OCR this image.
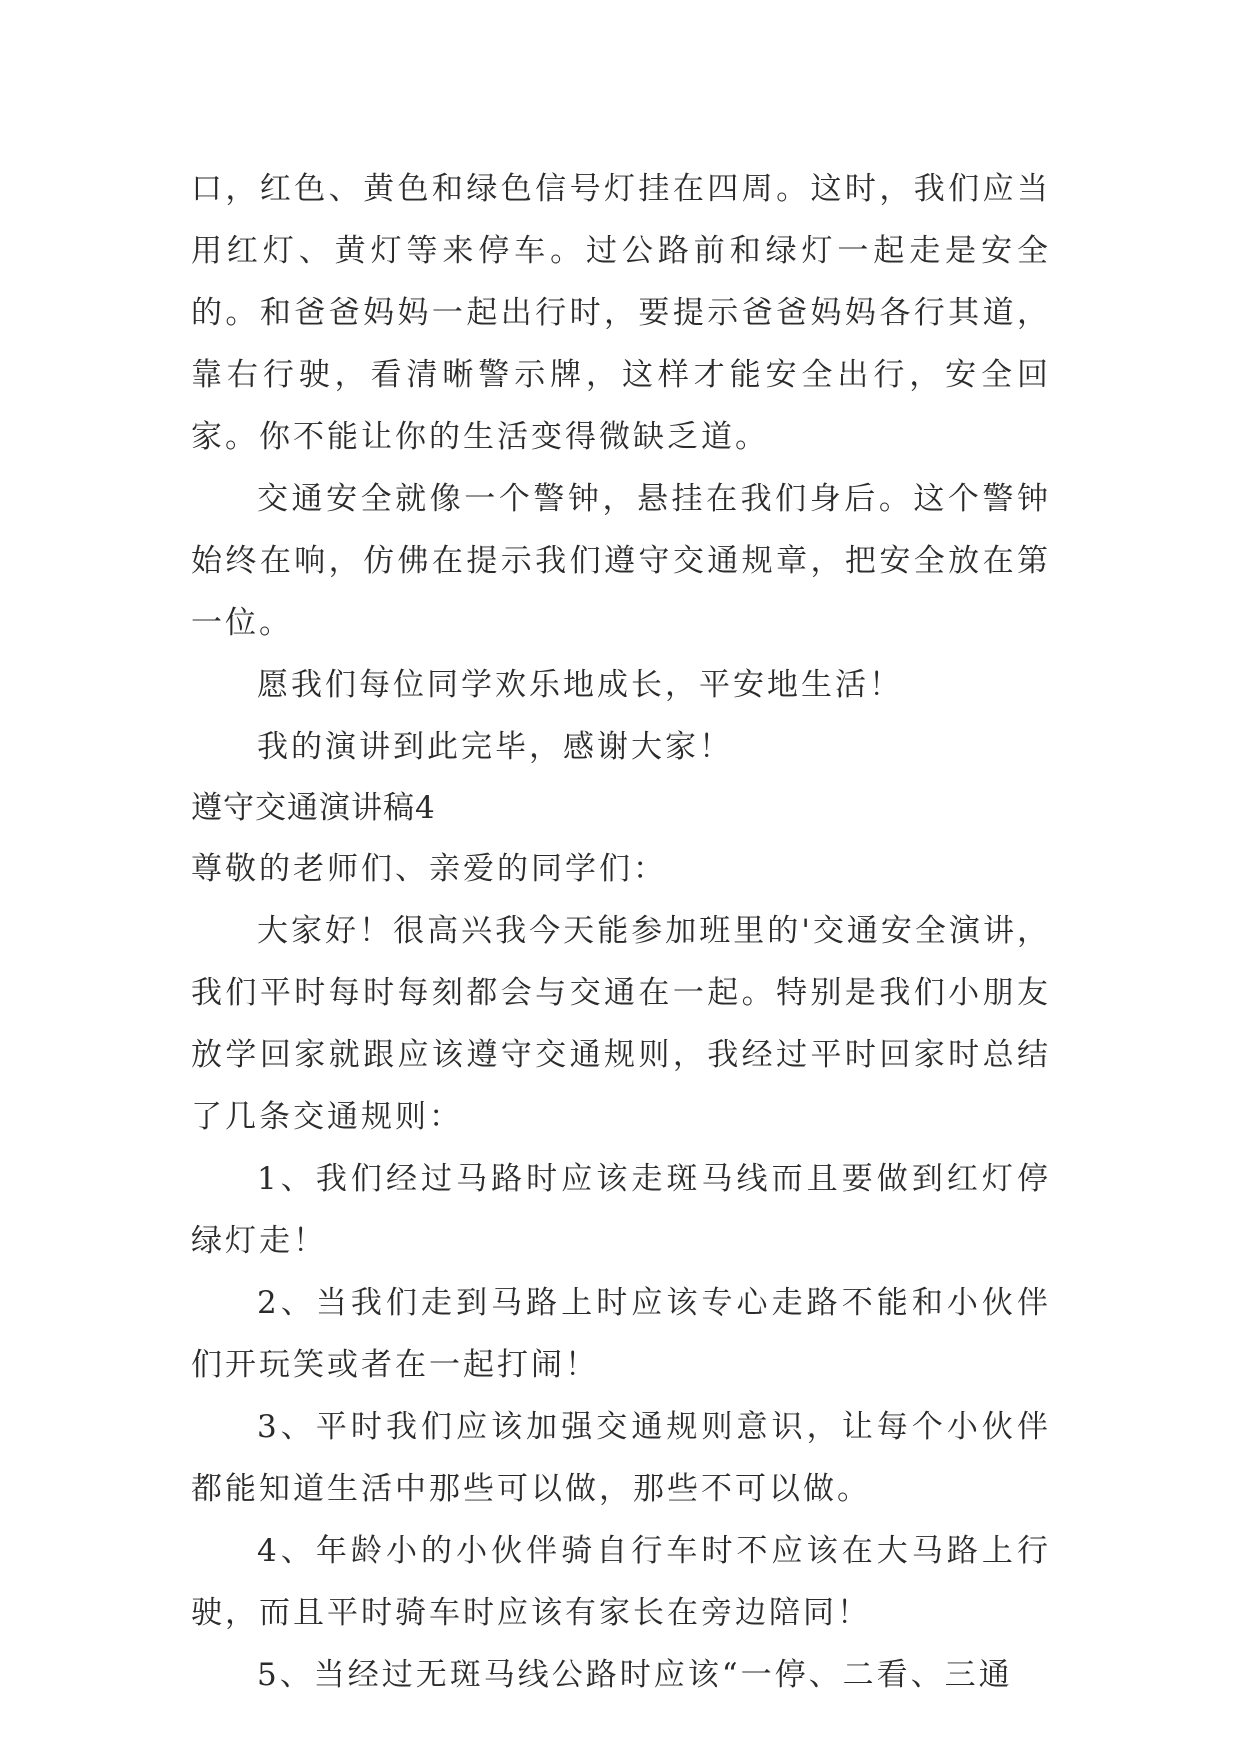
口，红色、黄色和绿色信号灯挂在四周。这时，我们应当用红灯、黄灯等来停车。过公路前和绿灯一起走是安全的。和爸爸妈妈一起出行时，要提示爸爸妈妈各行其道，靠右行驶，看清晰警示牌，这样才能安全出行，安全回家。你不能让你的生活变得微缺乏道。

交通安全就像一个警钟，悬挂在我们身后。这个警钟始终在响，仿佛在提示我们遵守交通规章，把安全放在第一位。

愿我们每位同学欢乐地成长，平安地生活！

我的演讲到此完毕，感谢大家！

遵守交通演讲稿4

尊敬的老师们、亲爱的同学们：

大家好！很高兴我今天能参加班里的'交通安全演讲，我们平时每时每刻都会与交通在一起。特别是我们小朋友放学回家就跟应该遵守交通规则，我经过平时回家时总结了几条交通规则：

1、我们经过马路时应该走斑马线而且要做到红灯停绿灯走！

2、当我们走到马路上时应该专心走路不能和小伙伴们开玩笑或者在一起打闹！

3、平时我们应该加强交通规则意识，让每个小伙伴都能知道生活中那些可以做，那些不可以做。

4、年龄小的小伙伴骑自行车时不应该在大马路上行驶，而且平时骑车时应该有家长在旁边陪同！

5、当经过无斑马线公路时应该“一停、二看、三通
